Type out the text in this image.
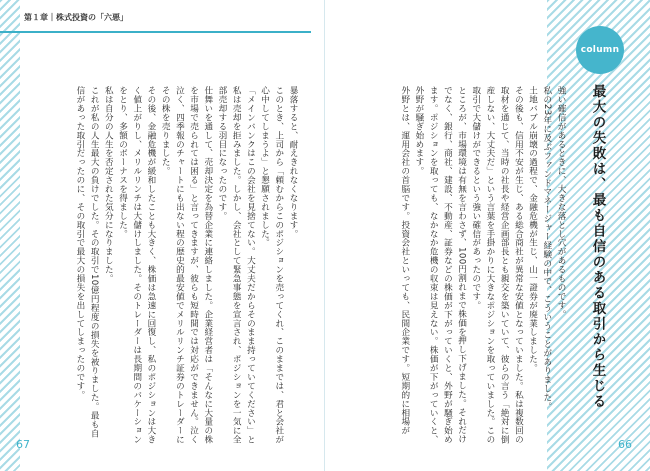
第１章｜株式投資の「六悪」
column
最大の失敗は、最も自信のある取引から生じる

強い確信があるときに、大きな落とし穴があるものです。

私の23年に及ぶファンドマネージャー経験の中で、こういうことがありました。

土地バブル崩壊の過程で、金融危機が生じ、山一證券が廃業しました。

その後も、信用不安が生じ、ある総合商社が異常な安値となっていました。私は複数回の取材を通じて、当時の社長や経営企画部長とも親交を築いていて、彼らの言う「絶対に倒産しない、大丈夫だ」という言葉を手掛かりに大きなポジションを取っていました。この取引で大儲けができるという強い確信があったのです。

ところが、市場環境は有無を言わさず、100円割れまで株価を押し下げました。それだけでなく、銀行、商社、建設、不動産、証券などの株価が下がっていくと、外野が騒ぎ始めます。ポジションを取っても、なかなか危機の収束は見えない。株価が下がっていくと、外野が騒ぎ始めます。

外野とは、運用会社の首脳です。投資会社といっても、民間企業です。短期的に相場が

暴落すると、耐えきれなくなります。

このとき、上司から「頼むからこのポジションを売ってくれ、このままでは、君と会社が心中してしまうよ」と懇願されました。

「メインバンクはこの会社を見捨てない。大丈夫だからそのまま持っていてください」と私は売却を拒みました。しかし、会社として緊急事態を宣言され、ポジションを一気に全部売却する羽目になったのです。

仕舞いを通して、売却決定を為替企業に連絡しました。企業経営者は「そんなに大量の株を市場で売られては困る」と言ってきますが、彼らも短時間では対応ができません。泣く泣く、四季報のチャートにも出ない程の歴史的最安値でメリルリンチ証券のトレーダーにその株を売りました。

その後、金融危機が緩和したことも大きく、株価は急速に回復し、私のポジションは大きく値上がりし、メリルリンチは大儲けしました。そのトレーダーは長期間のバケーションをとり、多額のボーナスを得ました。

私は自分の人生を否定された気分になりました。

これが私の人生最大の負けでした。その取引で10億円程度の損失を被りました。最も自信があった取引だったのに、その取引で最大の損失を出してしまったのです。

67	66
